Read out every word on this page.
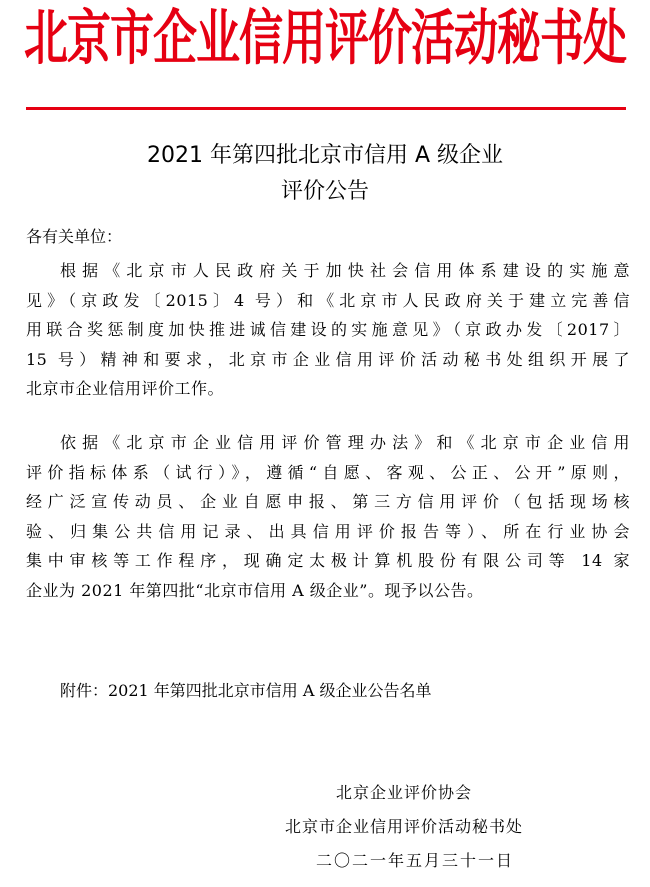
北京市企业信用评价活动秘书处
2021 年第四批北京市信用 A 级企业
评价公告
各有关单位：
根据《北京市人民政府关于加快社会信用体系建设的实施意
见》（京政发〔2015〕4 号）和《北京市人民政府关于建立完善信
用联合奖惩制度加快推进诚信建设的实施意见》（京政办发〔2017〕
15 号）精神和要求，北京市企业信用评价活动秘书处组织开展了
北京市企业信用评价工作。
依据《北京市企业信用评价管理办法》和《北京市企业信用
评价指标体系（试行）》，遵循“自愿、客观、公正、公开”原则，
经广泛宣传动员、企业自愿申报、第三方信用评价（包括现场核
验、归集公共信用记录、出具信用评价报告等）、所在行业协会
集中审核等工作程序，现确定太极计算机股份有限公司等 14 家
企业为 2021 年第四批“北京市信用 A 级企业”。现予以公告。
附件：2021 年第四批北京市信用 A 级企业公告名单
北京企业评价协会
北京市企业信用评价活动秘书处
二〇二一年五月三十一日
